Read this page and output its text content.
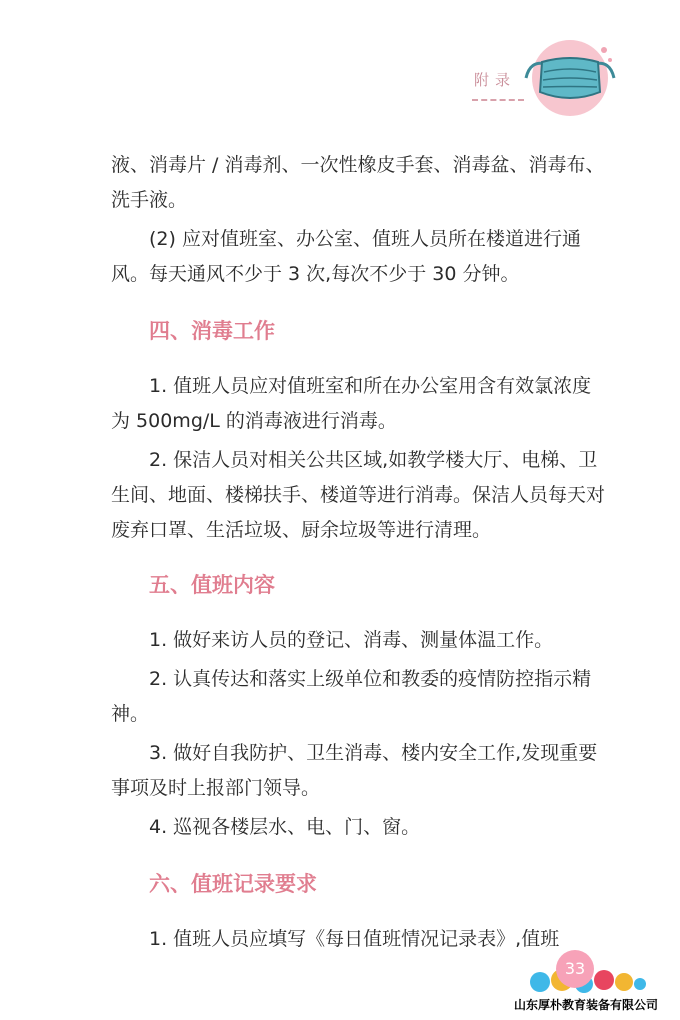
附录

液、消毒片 / 消毒剂、一次性橡皮手套、消毒盆、消毒布、洗手液。

(2) 应对值班室、办公室、值班人员所在楼道进行通风。每天通风不少于 3 次,每次不少于 30 分钟。

四、消毒工作

1. 值班人员应对值班室和所在办公室用含有效氯浓度为 500mg/L 的消毒液进行消毒。

2. 保洁人员对相关公共区域,如教学楼大厅、电梯、卫生间、地面、楼梯扶手、楼道等进行消毒。保洁人员每天对废弃口罩、生活垃圾、厨余垃圾等进行清理。

五、值班内容

1. 做好来访人员的登记、消毒、测量体温工作。

2. 认真传达和落实上级单位和教委的疫情防控指示精神。

3. 做好自我防护、卫生消毒、楼内安全工作,发现重要事项及时上报部门领导。

4. 巡视各楼层水、电、门、窗。

六、值班记录要求

1. 值班人员应填写《每日值班情况记录表》,值班

33
山东厚朴教育装备有限公司
